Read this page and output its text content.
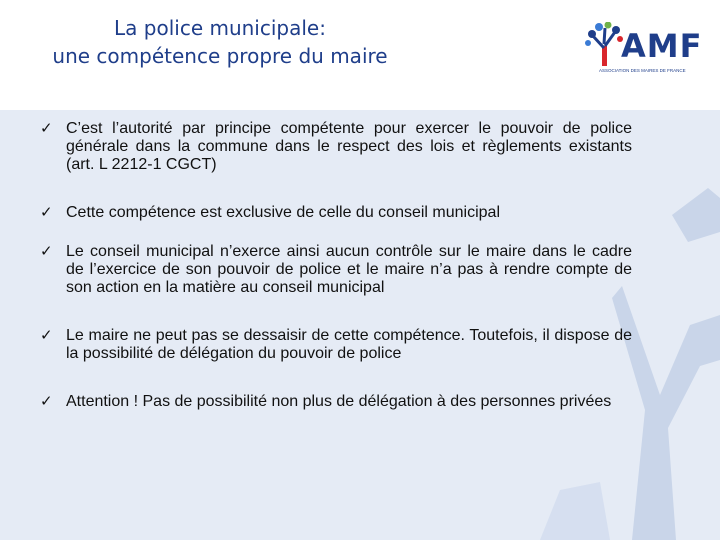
La police municipale:
une compétence propre du maire	AMF
ASSOCIATION DES MAIRES DE FRANCE
✓ C’est l’autorité par principe compétente pour exercer le pouvoir de police générale dans la commune dans le respect des lois et règlements existants (art. L 2212-1 CGCT)
✓ Cette compétence est exclusive de celle du conseil municipal
✓ Le conseil municipal n’exerce ainsi aucun contrôle sur le maire dans le cadre de l’exercice de son pouvoir de police et le maire n’a pas à rendre compte de son action en la matière au conseil municipal
✓ Le maire ne peut pas se dessaisir de cette compétence. Toutefois, il dispose de la possibilité de délégation du pouvoir de police
✓ Attention ! Pas de possibilité non plus de délégation à des personnes privées
